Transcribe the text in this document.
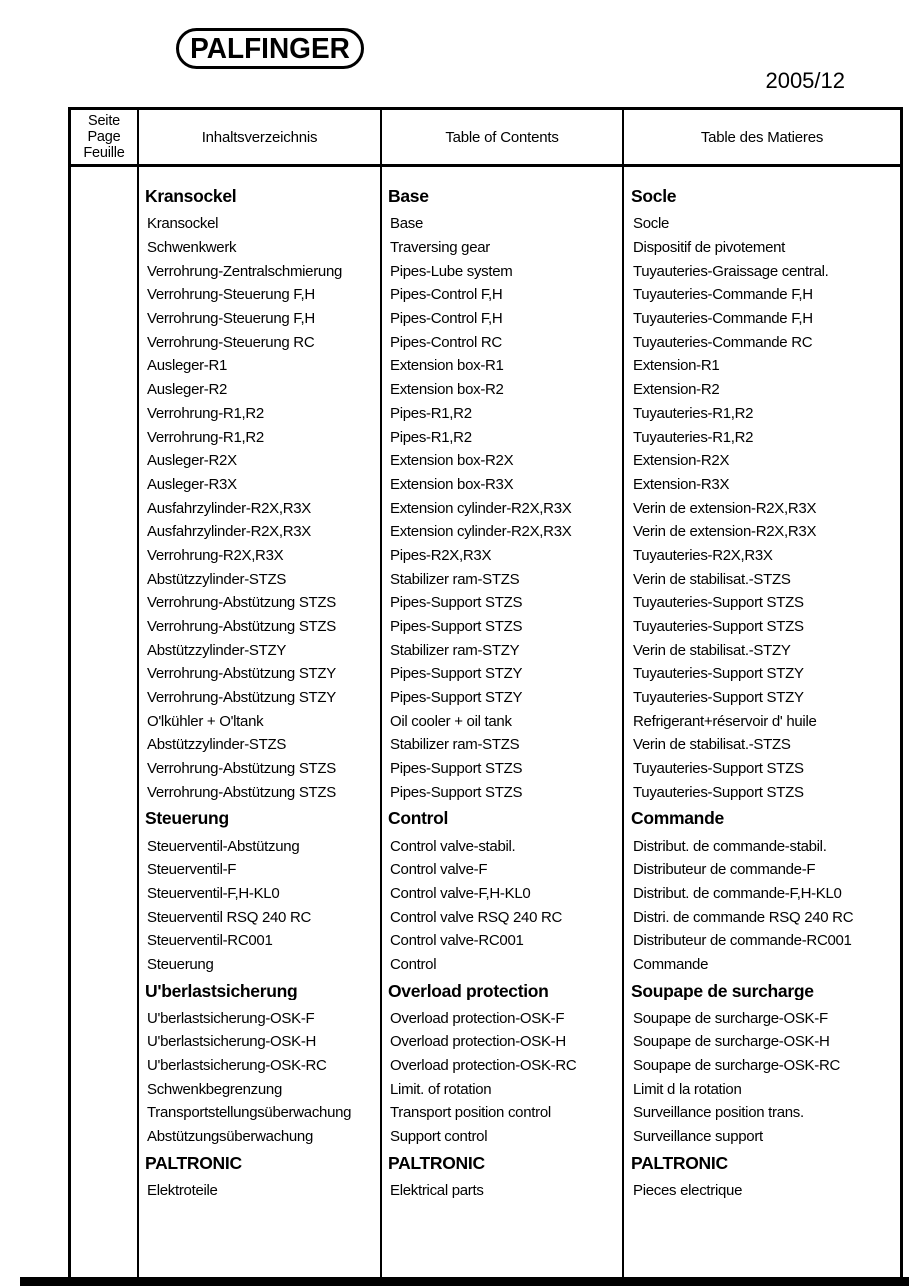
PALFINGER
2005/12
Seite
Page
Feuille
Inhaltsverzeichnis	Table of Contents	Table des Matieres
Kransockel	Base	Socle
Kransockel	Base	Socle
Schwenkwerk	Traversing gear	Dispositif de pivotement
Verrohrung-Zentralschmierung	Pipes-Lube system	Tuyauteries-Graissage central.
Verrohrung-Steuerung F,H	Pipes-Control F,H	Tuyauteries-Commande F,H
Verrohrung-Steuerung F,H	Pipes-Control F,H	Tuyauteries-Commande F,H
Verrohrung-Steuerung RC	Pipes-Control RC	Tuyauteries-Commande RC
Ausleger-R1	Extension box-R1	Extension-R1
Ausleger-R2	Extension box-R2	Extension-R2
Verrohrung-R1,R2	Pipes-R1,R2	Tuyauteries-R1,R2
Verrohrung-R1,R2	Pipes-R1,R2	Tuyauteries-R1,R2
Ausleger-R2X	Extension box-R2X	Extension-R2X
Ausleger-R3X	Extension box-R3X	Extension-R3X
Ausfahrzylinder-R2X,R3X	Extension cylinder-R2X,R3X	Verin de extension-R2X,R3X
Ausfahrzylinder-R2X,R3X	Extension cylinder-R2X,R3X	Verin de extension-R2X,R3X
Verrohrung-R2X,R3X	Pipes-R2X,R3X	Tuyauteries-R2X,R3X
Abstützzylinder-STZS	Stabilizer ram-STZS	Verin de stabilisat.-STZS
Verrohrung-Abstützung STZS	Pipes-Support STZS	Tuyauteries-Support STZS
Verrohrung-Abstützung STZS	Pipes-Support STZS	Tuyauteries-Support STZS
Abstützzylinder-STZY	Stabilizer ram-STZY	Verin de stabilisat.-STZY
Verrohrung-Abstützung STZY	Pipes-Support STZY	Tuyauteries-Support STZY
Verrohrung-Abstützung STZY	Pipes-Support STZY	Tuyauteries-Support STZY
O'lkühler + O'ltank	Oil cooler + oil tank	Refrigerant+réservoir d' huile
Abstützzylinder-STZS	Stabilizer ram-STZS	Verin de stabilisat.-STZS
Verrohrung-Abstützung STZS	Pipes-Support STZS	Tuyauteries-Support STZS
Verrohrung-Abstützung STZS	Pipes-Support STZS	Tuyauteries-Support STZS
Steuerung	Control	Commande
Steuerventil-Abstützung	Control valve-stabil.	Distribut. de commande-stabil.
Steuerventil-F	Control valve-F	Distributeur de commande-F
Steuerventil-F,H-KL0	Control valve-F,H-KL0	Distribut. de commande-F,H-KL0
Steuerventil RSQ 240 RC	Control valve RSQ 240 RC	Distri. de commande RSQ 240 RC
Steuerventil-RC001	Control valve-RC001	Distributeur de commande-RC001
Steuerung	Control	Commande
U'berlastsicherung	Overload protection	Soupape de surcharge
U'berlastsicherung-OSK-F	Overload protection-OSK-F	Soupape de surcharge-OSK-F
U'berlastsicherung-OSK-H	Overload protection-OSK-H	Soupape de surcharge-OSK-H
U'berlastsicherung-OSK-RC	Overload protection-OSK-RC	Soupape de surcharge-OSK-RC
Schwenkbegrenzung	Limit. of rotation	Limit d la rotation
Transportstellungsüberwachung	Transport position control	Surveillance position trans.
Abstützungsüberwachung	Support control	Surveillance support
PALTRONIC	PALTRONIC	PALTRONIC
Elektroteile	Elektrical parts	Pieces electrique
